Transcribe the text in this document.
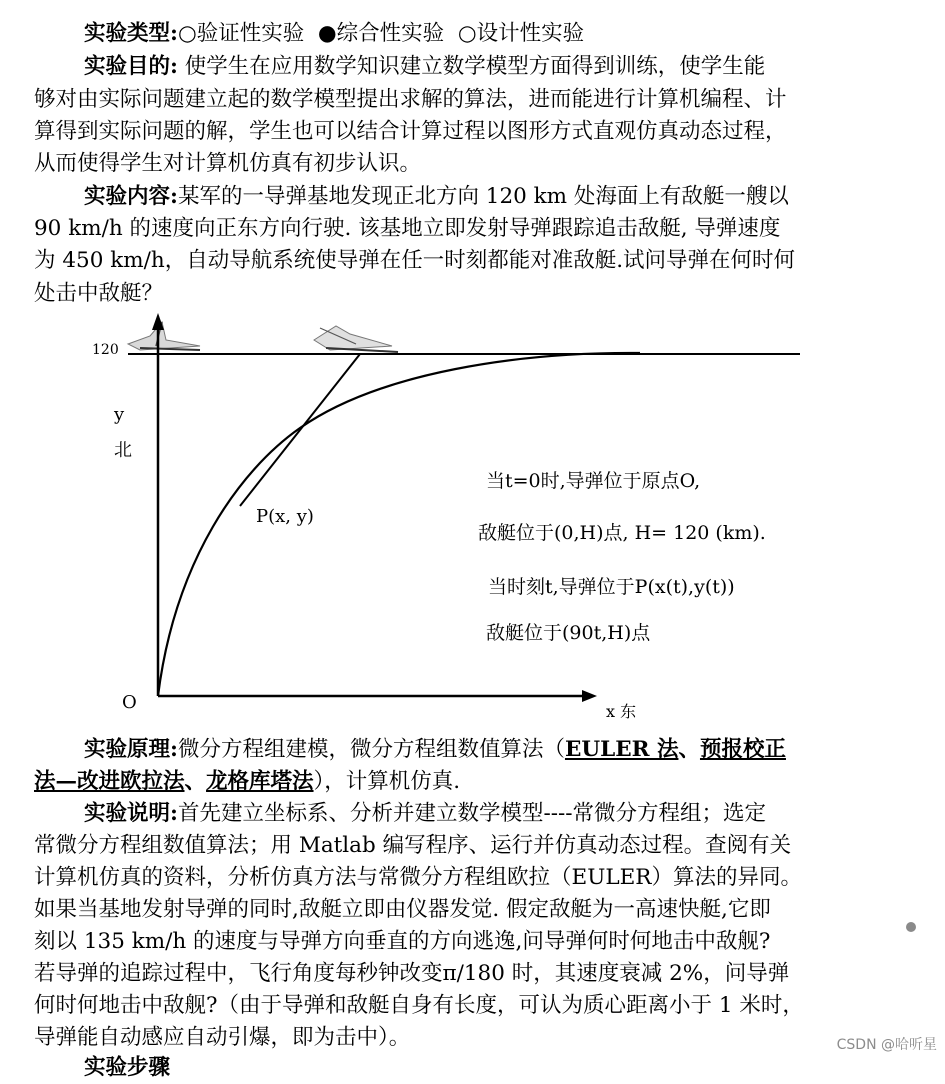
实验类型:○验证性实验 ●综合性实验 ○设计性实验
实验目的: 使学生在应用数学知识建立数学模型方面得到训练，使学生能
够对由实际问题建立起的数学模型提出求解的算法，进而能进行计算机编程、计
算得到实际问题的解，学生也可以结合计算过程以图形方式直观仿真动态过程，
从而使得学生对计算机仿真有初步认识。
实验内容:某军的一导弹基地发现正北方向 120 km 处海面上有敌艇一艘以
90 km/h 的速度向正东方向行驶. 该基地立即发射导弹跟踪追击敌艇, 导弹速度
为 450 km/h，自动导航系统使导弹在任一时刻都能对准敌艇.试问导弹在何时何
处击中敌艇？
120
y
北
O	x 东
P(x, y)
当t=0时,导弹位于原点O,
敌艇位于(0,H)点, H= 120 (km).
当时刻t,导弹位于P(x(t),y(t))
敌艇位于(90t,H)点
实验原理:微分方程组建模，微分方程组数值算法（EULER 法、预报校正
法—改进欧拉法、龙格库塔法），计算机仿真.
实验说明:首先建立坐标系、分析并建立数学模型----常微分方程组；选定
常微分方程组数值算法；用 Matlab 编写程序、运行并仿真动态过程。查阅有关
计算机仿真的资料，分析仿真方法与常微分方程组欧拉（EULER）算法的异同。
如果当基地发射导弹的同时,敌艇立即由仪器发觉. 假定敌艇为一高速快艇,它即
刻以 135 km/h 的速度与导弹方向垂直的方向逃逸,问导弹何时何地击中敌舰?
若导弹的追踪过程中，飞行角度每秒钟改变π/180 时，其速度衰减 2%，问导弹
何时何地击中敌舰?（由于导弹和敌艇自身有长度，可认为质心距离小于 1 米时，
导弹能自动感应自动引爆，即为击中）。
实验步骤
CSDN @哈听星
